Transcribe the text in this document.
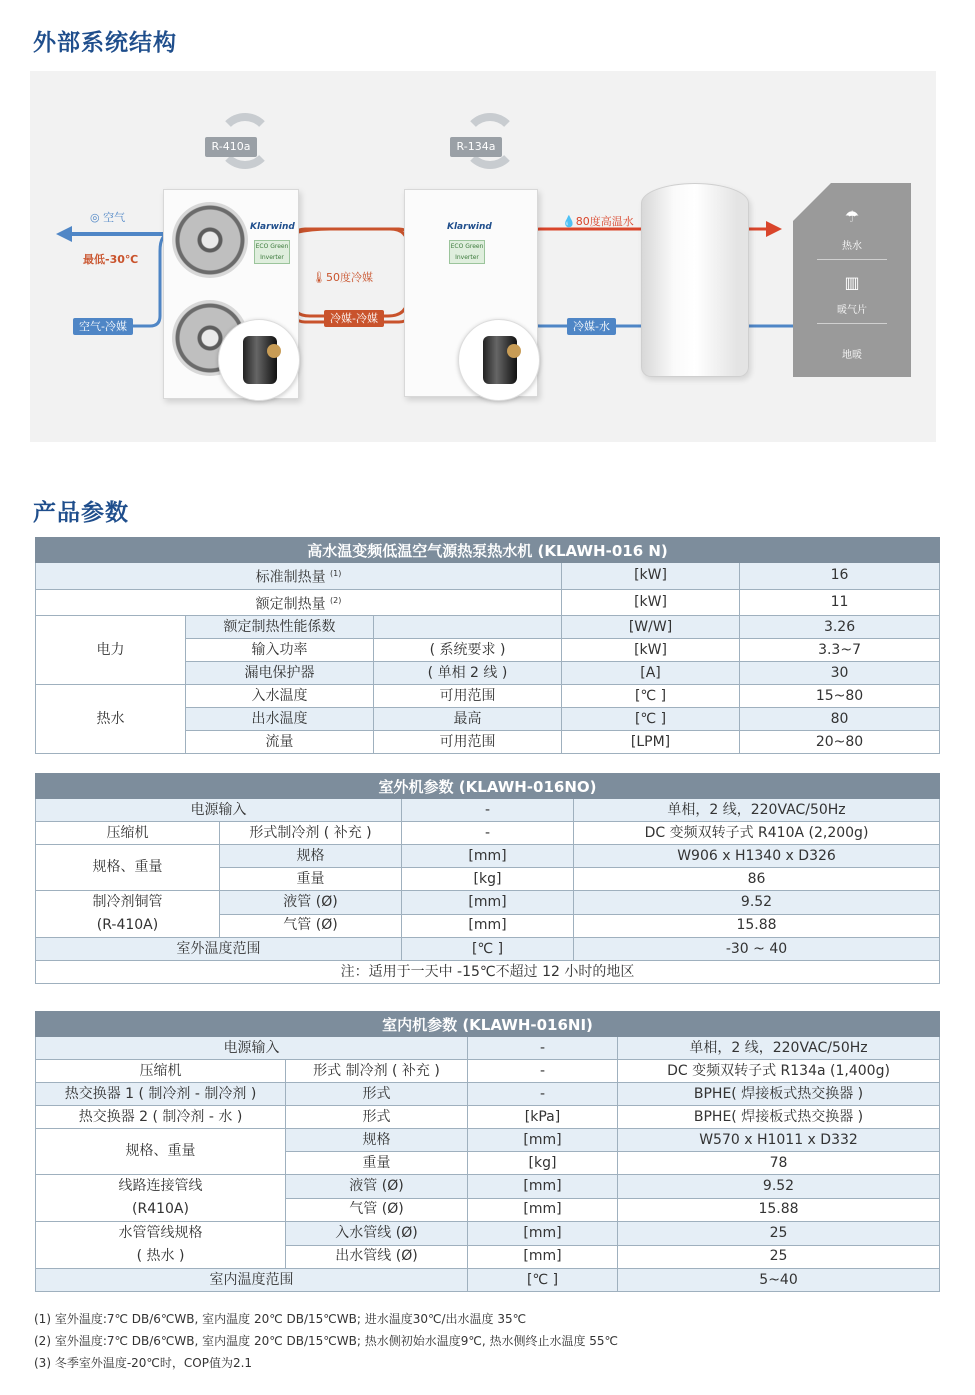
外部系统结构
R-410a	R-134a
Klarwind
ECO Green Inverter
Klarwind
ECO Green Inverter
☂
热水
▥
暖气片
地暖
◎ 空气
最低-30℃
空气-冷媒
🌡50度冷媒
冷媒-冷媒
💧80度高温水
冷媒-水
产品参数
高水温变频低温空气源热泵热水机 (KLAWH-016 N)				
标准制热量 $^{(1)}$			[kW]	16
额定制热量 $^{(2)}$			[kW]	11
电力	额定制热性能係数		[W/W]	3.26
	输入功率	( 系统要求 )	[kW]	3.3~7
	漏电保护器	( 单相 2 线 )	[A]	30
热水	入水温度	可用范围	[℃ ]	15~80
	出水温度	最高	[℃ ]	80
	流量	可用范围	[LPM]	20~80
室外机参数 (KLAWH-016NO)			
电源输入		-	单相，2 线，220VAC/50Hz
压缩机	形式制冷剂 ( 补充 )	-	DC 变频双转子式 R410A (2,200g)
规格、重量	规格	[mm]	W906 x H1340 x D326
	重量	[kg]	86

制冷剂铜管
(R-410A)	液管 (Ø)	[mm]	9.52
	气管 (Ø)	[mm]	15.88
室外温度范围		[℃ ]	-30 ~ 40
注：适用于一天中 -15℃不超过 12 小时的地区			
室内机参数 (KLAWH-016NI)			
电源输入		-	单相，2 线，220VAC/50Hz
压缩机	形式 制冷剂 ( 补充 )	-	DC 变频双转子式 R134a (1,400g)
热交换器 1 ( 制冷剂 - 制冷剂 )	形式	-	BPHE( 焊接板式热交换器 )
热交换器 2 ( 制冷剂 - 水 )	形式	[kPa]	BPHE( 焊接板式热交换器 )
规格、重量	规格	[mm]	W570 x H1011 x D332
	重量	[kg]	78

线路连接管线
(R410A)	液管 (Ø)	[mm]	9.52
	气管 (Ø)	[mm]	15.88

水管管线规格
( 热水 )	入水管线 (Ø)	[mm]	25
	出水管线 (Ø)	[mm]	25
室内温度范围		[℃ ]	5~40
(1) 室外温度:7℃ DB/6℃WB, 室内温度 20℃ DB/15℃WB; 进水温度30℃/出水温度 35℃
(2) 室外温度:7℃ DB/6℃WB, 室内温度 20℃ DB/15℃WB; 热水侧初始水温度9℃, 热水侧终止水温度 55℃
(3) 冬季室外温度-20℃时，COP值为2.1
